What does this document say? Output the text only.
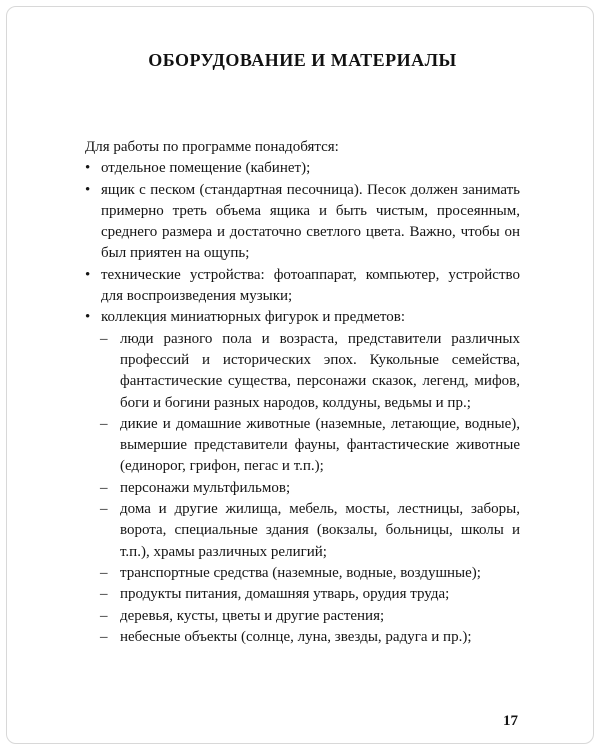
ОБОРУДОВАНИЕ И МАТЕРИАЛЫ
Для работы по программе понадобятся:
• отдельное помещение (кабинет);
• ящик с песком (стандартная песочница). Песок должен занимать примерно треть объема ящика и быть чистым, просеянным, среднего размера и достаточно светлого цвета. Важно, чтобы он был приятен на ощупь;
• технические устройства: фотоаппарат, компьютер, устройство для воспроизведения музыки;
• коллекция миниатюрных фигурок и предметов:
– люди разного пола и возраста, представители различных профессий и исторических эпох. Кукольные семейства, фантастические существа, персонажи сказок, легенд, мифов, боги и богини разных народов, колдуны, ведьмы и пр.;
– дикие и домашние животные (наземные, летающие, водные), вымершие представители фауны, фантастические животные (единорог, грифон, пегас и т.п.);
– персонажи мультфильмов;
– дома и другие жилища, мебель, мосты, лестницы, заборы, ворота, специальные здания (вокзалы, больницы, школы и т.п.), храмы различных религий;
– транспортные средства (наземные, водные, воздушные);
– продукты питания, домашняя утварь, орудия труда;
– деревья, кусты, цветы и другие растения;
– небесные объекты (солнце, луна, звезды, радуга и пр.);
17
